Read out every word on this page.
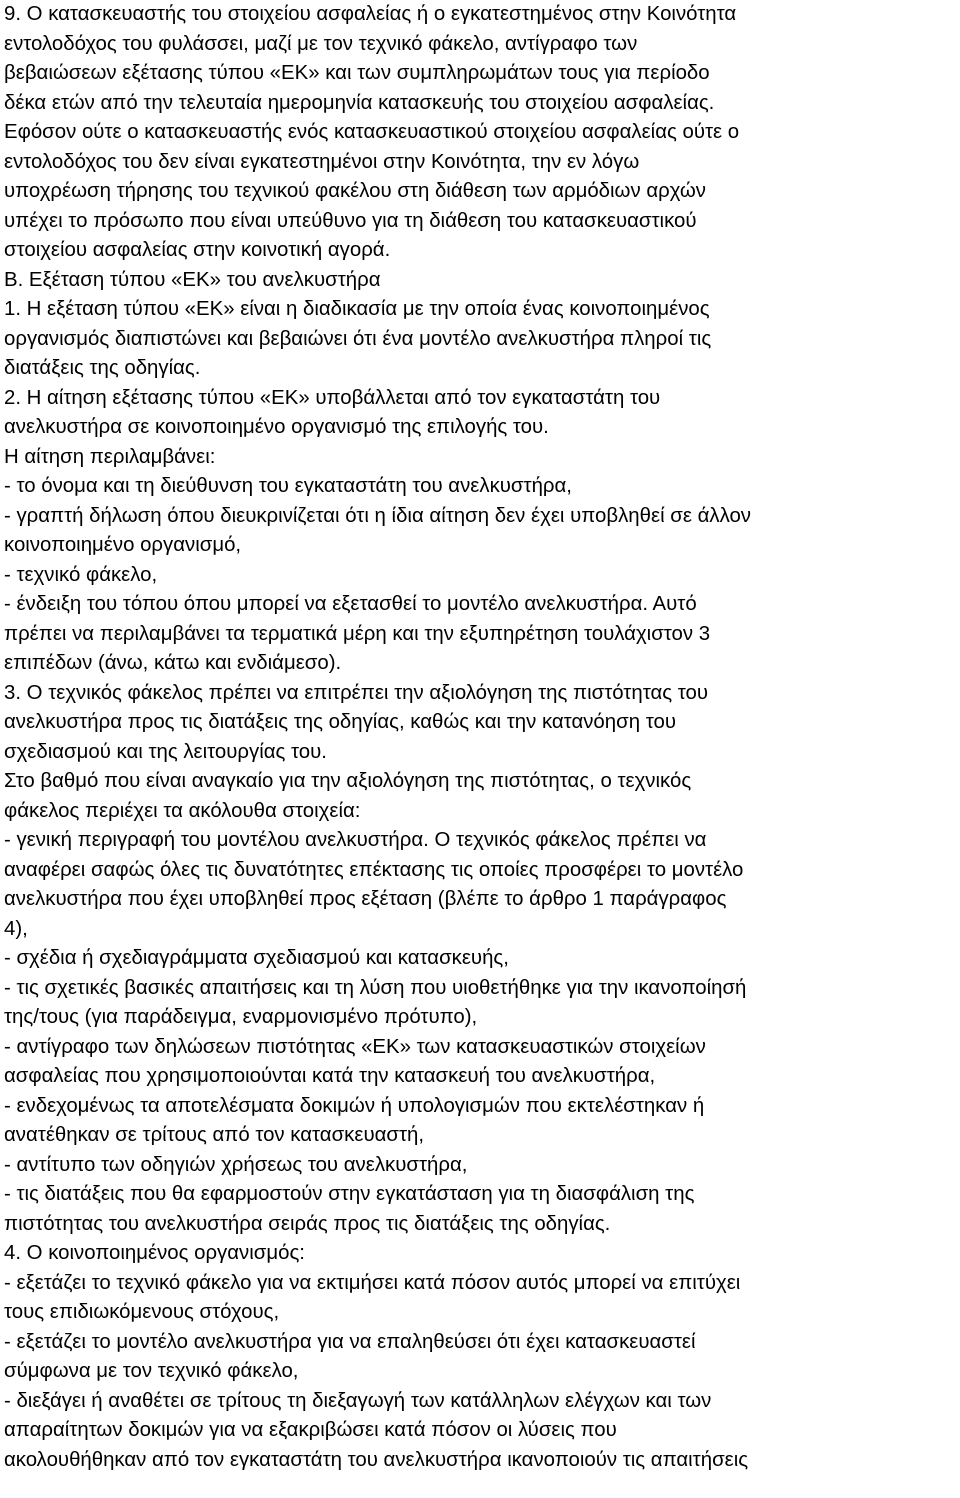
9. Ο κατασκευαστής του στοιχείου ασφαλείας ή ο εγκατεστημένος στην Κοινότητα
εντολοδόχος του φυλάσσει, μαζί με τον τεχνικό φάκελο, αντίγραφο των
βεβαιώσεων εξέτασης τύπου «ΕΚ» και των συμπληρωμάτων τους για περίοδο
δέκα ετών από την τελευταία ημερομηνία κατασκευής του στοιχείου ασφαλείας.
Εφόσον ούτε ο κατασκευαστής ενός κατασκευαστικού στοιχείου ασφαλείας ούτε ο
εντολοδόχος του δεν είναι εγκατεστημένοι στην Κοινότητα, την εν λόγω
υποχρέωση τήρησης του τεχνικού φακέλου στη διάθεση των αρμόδιων αρχών
υπέχει το πρόσωπο που είναι υπεύθυνο για τη διάθεση του κατασκευαστικού
στοιχείου ασφαλείας στην κοινοτική αγορά.
Β. Εξέταση τύπου «ΕΚ» του ανελκυστήρα
1. Η εξέταση τύπου «ΕΚ» είναι η διαδικασία με την οποία ένας κοινοποιημένος
οργανισμός διαπιστώνει και βεβαιώνει ότι ένα μοντέλο ανελκυστήρα πληροί τις
διατάξεις της οδηγίας.
2. Η αίτηση εξέτασης τύπου «ΕΚ» υποβάλλεται από τον εγκαταστάτη του
ανελκυστήρα σε κοινοποιημένο οργανισμό της επιλογής του.
Η αίτηση περιλαμβάνει:
- το όνομα και τη διεύθυνση του εγκαταστάτη του ανελκυστήρα,
- γραπτή δήλωση όπου διευκρινίζεται ότι η ίδια αίτηση δεν έχει υποβληθεί σε άλλον
κοινοποιημένο οργανισμό,
- τεχνικό φάκελο,
- ένδειξη του τόπου όπου μπορεί να εξετασθεί το μοντέλο ανελκυστήρα. Αυτό
πρέπει να περιλαμβάνει τα τερματικά μέρη και την εξυπηρέτηση τουλάχιστον 3
επιπέδων (άνω, κάτω και ενδιάμεσο).
3. Ο τεχνικός φάκελος πρέπει να επιτρέπει την αξιολόγηση της πιστότητας του
ανελκυστήρα προς τις διατάξεις της οδηγίας, καθώς και την κατανόηση του
σχεδιασμού και της λειτουργίας του.
Στο βαθμό που είναι αναγκαίο για την αξιολόγηση της πιστότητας, ο τεχνικός
φάκελος περιέχει τα ακόλουθα στοιχεία:
- γενική περιγραφή του μοντέλου ανελκυστήρα. Ο τεχνικός φάκελος πρέπει να
αναφέρει σαφώς όλες τις δυνατότητες επέκτασης τις οποίες προσφέρει το μοντέλο
ανελκυστήρα που έχει υποβληθεί προς εξέταση (βλέπε το άρθρο 1 παράγραφος
4),
- σχέδια ή σχεδιαγράμματα σχεδιασμού και κατασκευής,
- τις σχετικές βασικές απαιτήσεις και τη λύση που υιοθετήθηκε για την ικανοποίησή
της/τους (για παράδειγμα, εναρμονισμένο πρότυπο),
- αντίγραφο των δηλώσεων πιστότητας «ΕΚ» των κατασκευαστικών στοιχείων
ασφαλείας που χρησιμοποιούνται κατά την κατασκευή του ανελκυστήρα,
- ενδεχομένως τα αποτελέσματα δοκιμών ή υπολογισμών που εκτελέστηκαν ή
ανατέθηκαν σε τρίτους από τον κατασκευαστή,
- αντίτυπο των οδηγιών χρήσεως του ανελκυστήρα,
- τις διατάξεις που θα εφαρμοστούν στην εγκατάσταση για τη διασφάλιση της
πιστότητας του ανελκυστήρα σειράς προς τις διατάξεις της οδηγίας.
4. Ο κοινοποιημένος οργανισμός:
- εξετάζει το τεχνικό φάκελο για να εκτιμήσει κατά πόσον αυτός μπορεί να επιτύχει
τους επιδιωκόμενους στόχους,
- εξετάζει το μοντέλο ανελκυστήρα για να επαληθεύσει ότι έχει κατασκευαστεί
σύμφωνα με τον τεχνικό φάκελο,
- διεξάγει ή αναθέτει σε τρίτους τη διεξαγωγή των κατάλληλων ελέγχων και των
απαραίτητων δοκιμών για να εξακριβώσει κατά πόσον οι λύσεις που
ακολουθήθηκαν από τον εγκαταστάτη του ανελκυστήρα ικανοποιούν τις απαιτήσεις
